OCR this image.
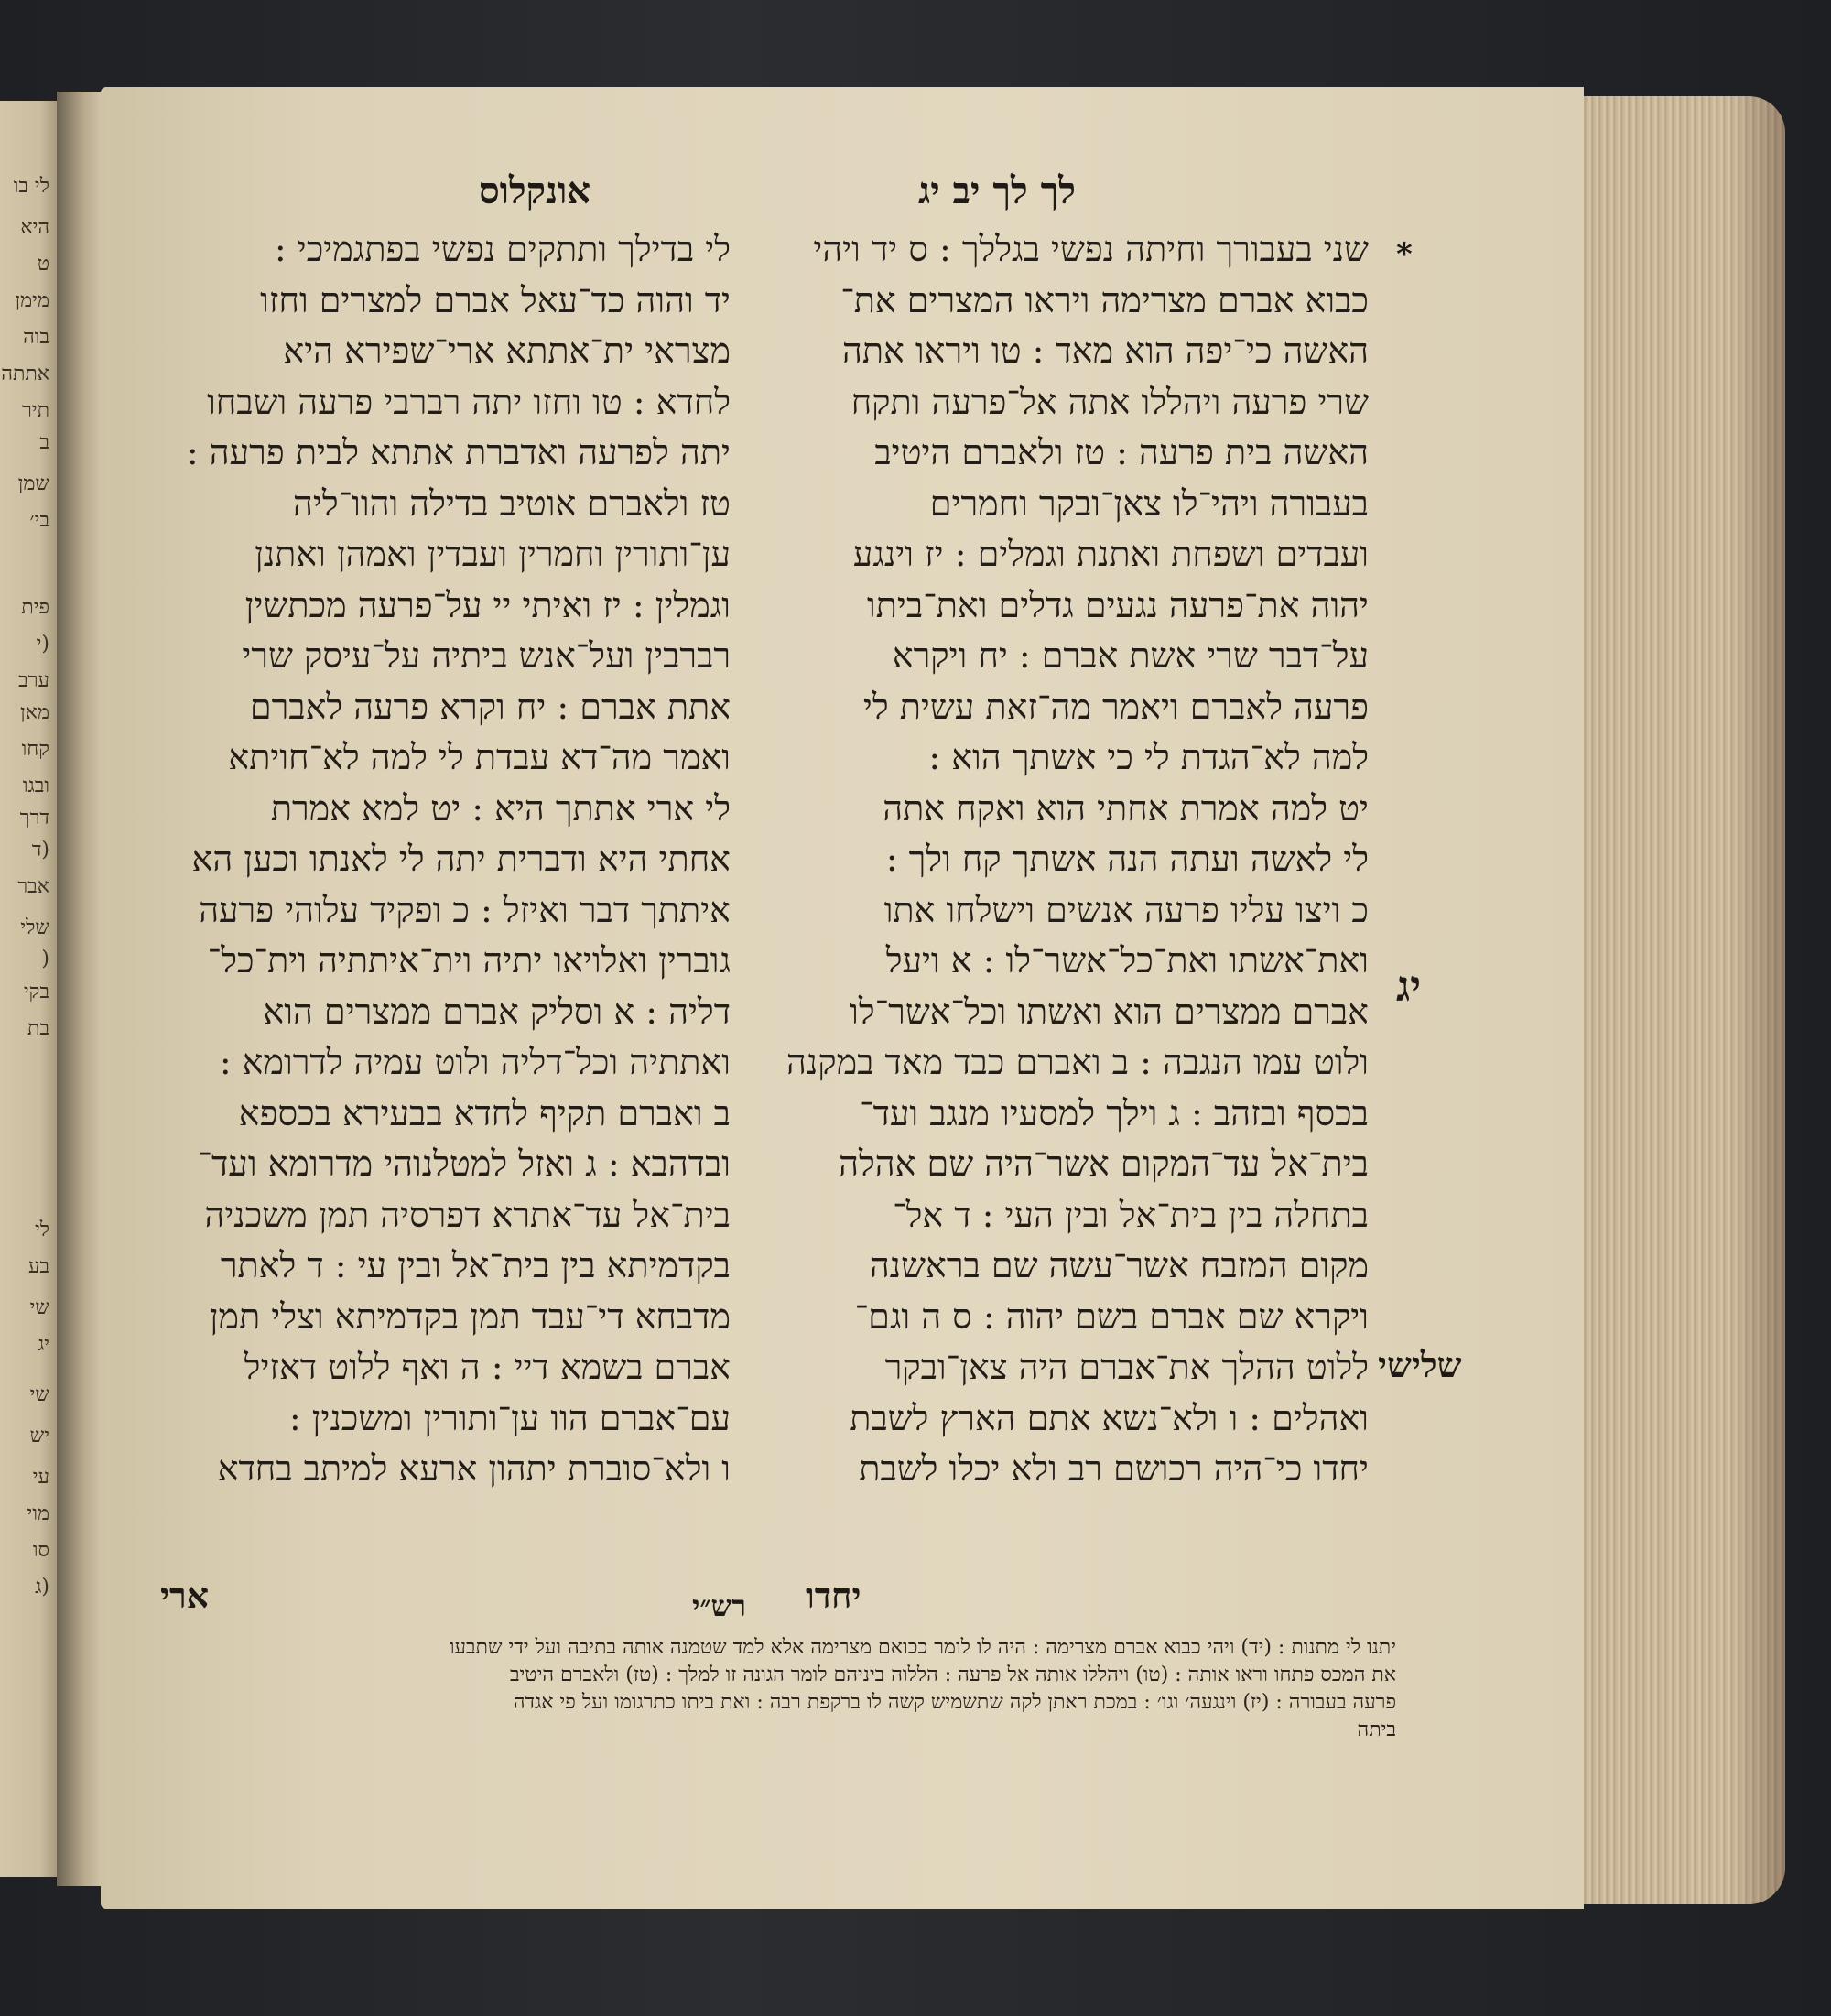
לי בו
היא
ט
מימן
בוה
אתתה
תיר
ב
שמן
בי׳
פית
(י
ערב
מאן
קחו
ובגו
דרך
(ד
אבר
שלי
(
בקי
בת
לי
בע
שי
יג
שי
יש
עי
מוי
סו
(ג
לך לך יב יג
אונקלוס
שני בעבורך וחיתה נפשי בגללך : ס יד ויהי
כבוא אברם מצרימה ויראו המצרים את־
האשה כי־יפה הוא מאד : טו ויראו אתה
שרי פרעה ויהללו אתה אל־פרעה ותקח
האשה בית פרעה : טז ולאברם היטיב
בעבורה ויהי־לו צאן־ובקר וחמרים
ועבדים ושפחת ואתנת וגמלים : יז וינגע
יהוה את־פרעה נגעים גדלים ואת־ביתו
על־דבר שרי אשת אברם : יח ויקרא
פרעה לאברם ויאמר מה־זאת עשית לי
למה לא־הגדת לי כי אשתך הוא :
יט למה אמרת אחתי הוא ואקח אתה
לי לאשה ועתה הנה אשתך קח ולך :
כ ויצו עליו פרעה אנשים וישלחו אתו
ואת־אשתו ואת־כל־אשר־לו : א ויעל
אברם ממצרים הוא ואשתו וכל־אשר־לו
ולוט עמו הנגבה : ב ואברם כבד מאד במקנה
בכסף ובזהב : ג וילך למסעיו מנגב ועד־
בית־אל עד־המקום אשר־היה שם אהלה
בתחלה בין בית־אל ובין העי : ד אל־
מקום המזבח אשר־עשה שם בראשנה
ויקרא שם אברם בשם יהוה : ס ה וגם־
ללוט ההלך את־אברם היה צאן־ובקר
ואהלים : ו ולא־נשא אתם הארץ לשבת
יחדו כי־היה רכושם רב ולא יכלו לשבת
לי בדילך ותתקים נפשי בפתגמיכי :
יד והוה כד־עאל אברם למצרים וחזו
מצראי ית־אתתא ארי־שפירא היא
לחדא : טו וחזו יתה רברבי פרעה ושבחו
יתה לפרעה ואדברת אתתא לבית פרעה :
טז ולאברם אוטיב בדילה והוו־ליה
ען־ותורין וחמרין ועבדין ואמהן ואתנן
וגמלין : יז ואיתי יי על־פרעה מכתשין
רברבין ועל־אנש ביתיה על־עיסק שרי
אתת אברם : יח וקרא פרעה לאברם
ואמר מה־דא עבדת לי למה לא־חויתא
לי ארי אתתך היא : יט למא אמרת
אחתי היא ודברית יתה לי לאנתו וכען הא
איתתך דבר ואיזל : כ ופקיד עלוהי פרעה
גוברין ואלויאו יתיה וית־איתתיה וית־כל־
דליה : א וסליק אברם ממצרים הוא
ואתתיה וכל־דליה ולוט עמיה לדרומא :
ב ואברם תקיף לחדא בבעירא בכספא
ובדהבא : ג ואזל למטלנוהי מדרומא ועד־
בית־אל עד־אתרא דפרסיה תמן משכניה
בקדמיתא בין בית־אל ובין עי : ד לאתר
מדבחא די־עבד תמן בקדמיתא וצלי תמן
אברם בשמא דיי : ה ואף ללוט דאזיל
עם־אברם הוו ען־ותורין ומשכנין :
ו ולא־סוברת יתהון ארעא למיתב בחדא
יג
שלישי
*
יחדו
ארי	רש״י
יתנו לי מתנות : (יד) ויהי כבוא אברם מצרימה : היה לו לומר ככואם מצרימה אלא למד שטמנה אותה בתיבה ועל ידי שתבעו
את המכס פתחו וראו אותה : (טו) ויהללו אותה אל פרעה : הללוה ביניהם לומר הגונה זו למלך : (טז) ולאברם היטיב
פרעה בעבורה : (יז) וינגעה׳ וגו׳ : במכת ראתן לקה שתשמיש קשה לו ברקפת רבה : ואת ביתו כתרגומו ועל פי אגדה
ביתה
